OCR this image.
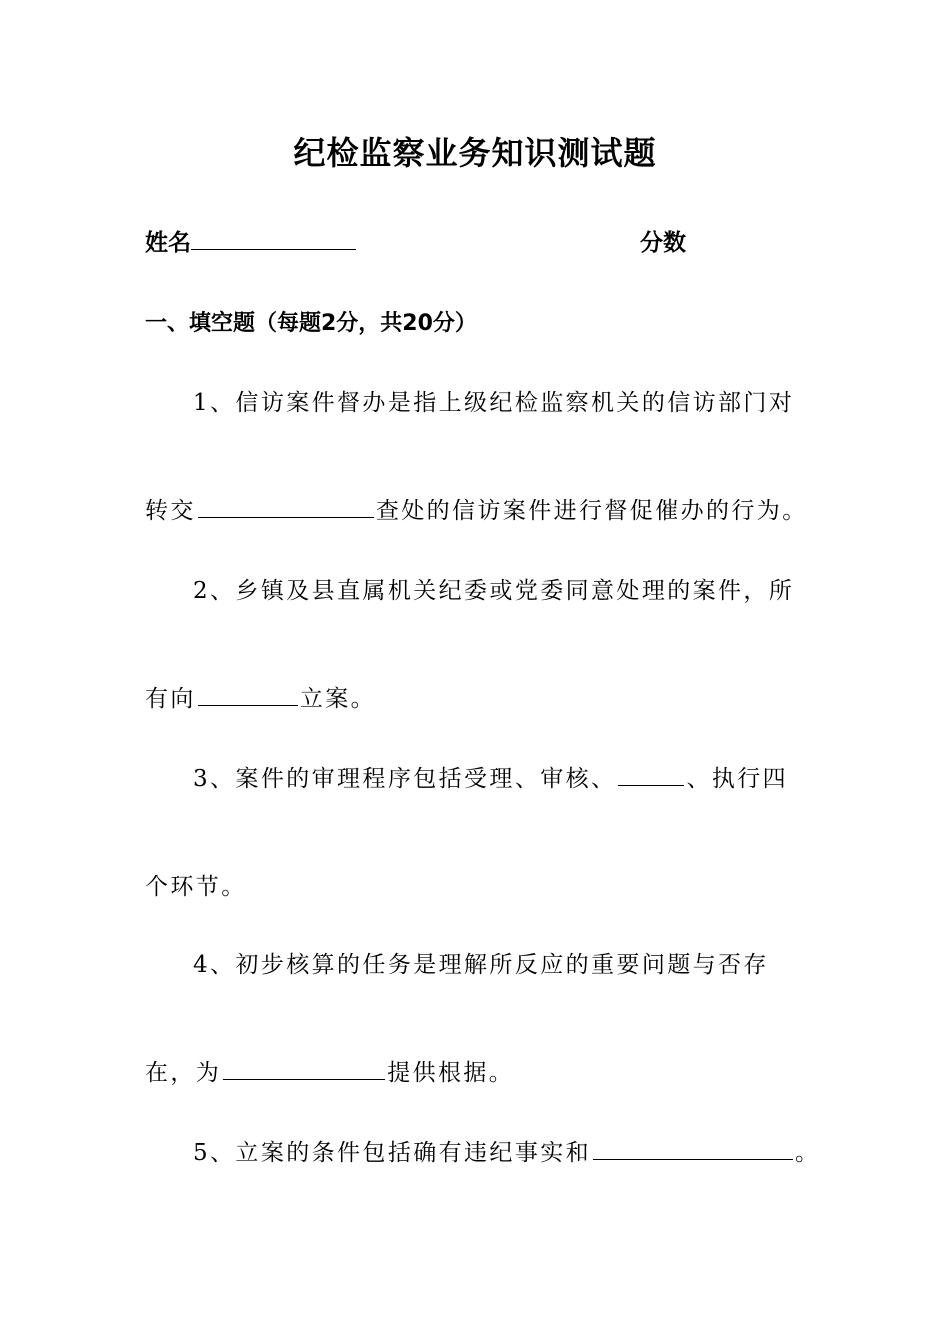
纪检监察业务知识测试题
姓名	分数
一、填空题（每题2分，共20分）
1、信访案件督办是指上级纪检监察机关的信访部门对
转交	查处的信访案件进行督促催办的行为。
2、乡镇及县直属机关纪委或党委同意处理的案件，所
有向	立案。
3、案件的审理程序包括受理、审核、	、执行四
个环节。
4、初步核算的任务是理解所反应的重要问题与否存
在，为	提供根据。
5、立案的条件包括确有违纪事实和	。
